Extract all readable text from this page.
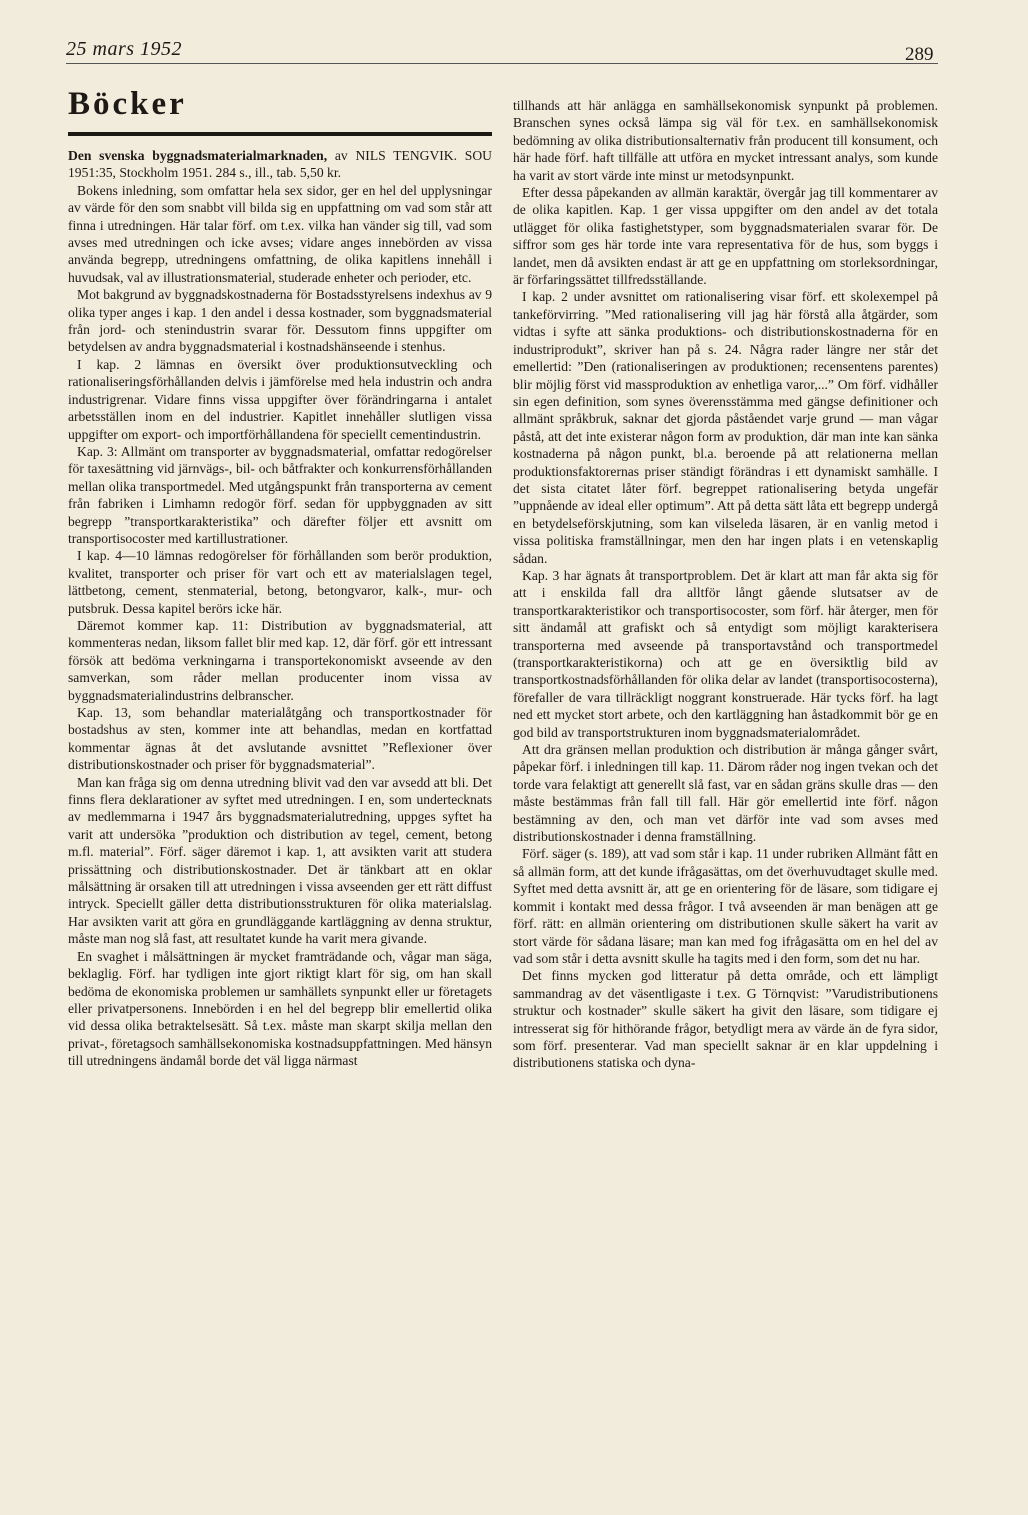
25 mars 1952	289
Böcker

Den svenska byggnadsmaterialmarknaden, av NILS TENGVIK. SOU 1951:35, Stockholm 1951. 284 s., ill., tab. 5,50 kr.

Bokens inledning, som omfattar hela sex sidor, ger en hel del upplysningar av värde för den som snabbt vill bilda sig en uppfattning om vad som står att finna i utredningen. Här talar förf. om t.ex. vilka han vänder sig till, vad som avses med utredningen och icke avses; vidare anges innebörden av vissa använda begrepp, utredningens omfattning, de olika kapitlens innehåll i huvudsak, val av illustrationsmaterial, studerade enheter och perioder, etc.

Mot bakgrund av byggnadskostnaderna för Bostadsstyrelsens indexhus av 9 olika typer anges i kap. 1 den andel i dessa kostnader, som byggnadsmaterial från jord- och stenindustrin svarar för. Dessutom finns uppgifter om betydelsen av andra byggnadsmaterial i kostnadshänseende i stenhus.

I kap. 2 lämnas en översikt över produktionsutveckling och rationaliseringsförhållanden delvis i jämförelse med hela industrin och andra industrigrenar. Vidare finns vissa uppgifter över förändringarna i antalet arbetsställen inom en del industrier. Kapitlet innehåller slutligen vissa uppgifter om export- och importförhållandena för speciellt cementindustrin.

Kap. 3: Allmänt om transporter av byggnadsmaterial, omfattar redogörelser för taxesättning vid järnvägs-, bil- och båtfrakter och konkurrensförhållanden mellan olika transportmedel. Med utgångspunkt från transporterna av cement från fabriken i Limhamn redogör förf. sedan för uppbyggnaden av sitt begrepp ”transportkarakteristika” och därefter följer ett avsnitt om transportisocoster med kartillustrationer.

I kap. 4—10 lämnas redogörelser för förhållanden som berör produktion, kvalitet, transporter och priser för vart och ett av materialslagen tegel, lättbetong, cement, stenmaterial, betong, betongvaror, kalk-, mur- och putsbruk. Dessa kapitel berörs icke här.

Däremot kommer kap. 11: Distribution av byggnadsmaterial, att kommenteras nedan, liksom fallet blir med kap. 12, där förf. gör ett intressant försök att bedöma verkningarna i transportekonomiskt avseende av den samverkan, som råder mellan producenter inom vissa av byggnadsmaterialindustrins delbranscher.

Kap. 13, som behandlar materialåtgång och transportkostnader för bostadshus av sten, kommer inte att behandlas, medan en kortfattad kommentar ägnas åt det avslutande avsnittet ”Reflexioner över distributionskostnader och priser för byggnadsmaterial”.

Man kan fråga sig om denna utredning blivit vad den var avsedd att bli. Det finns flera deklarationer av syftet med utredningen. I en, som undertecknats av medlemmarna i 1947 års byggnadsmaterialutredning, uppges syftet ha varit att undersöka ”produktion och distribution av tegel, cement, betong m.fl. material”. Förf. säger däremot i kap. 1, att avsikten varit att studera prissättning och distributionskostnader. Det är tänkbart att en oklar målsättning är orsaken till att utredningen i vissa avseenden ger ett rätt diffust intryck. Speciellt gäller detta distributionsstrukturen för olika materialslag. Har avsikten varit att göra en grundläggande kartläggning av denna struktur, måste man nog slå fast, att resultatet kunde ha varit mera givande.

En svaghet i målsättningen är mycket framträdande och, vågar man säga, beklaglig. Förf. har tydligen inte gjort riktigt klart för sig, om han skall bedöma de ekonomiska problemen ur samhällets synpunkt eller ur företagets eller privatpersonens. Innebörden i en hel del begrepp blir emellertid olika vid dessa olika betraktelsesätt. Så t.ex. måste man skarpt skilja mellan den privat-, företagsoch samhällsekonomiska kostnadsuppfattningen. Med hänsyn till utredningens ändamål borde det väl ligga närmast

tillhands att här anlägga en samhällsekonomisk synpunkt på problemen. Branschen synes också lämpa sig väl för t.ex. en samhällsekonomisk bedömning av olika distributionsalternativ från producent till konsument, och här hade förf. haft tillfälle att utföra en mycket intressant analys, som kunde ha varit av stort värde inte minst ur metodsynpunkt.

Efter dessa påpekanden av allmän karaktär, övergår jag till kommentarer av de olika kapitlen. Kap. 1 ger vissa uppgifter om den andel av det totala utlägget för olika fastighetstyper, som byggnadsmaterialen svarar för. De siffror som ges här torde inte vara representativa för de hus, som byggs i landet, men då avsikten endast är att ge en uppfattning om storleksordningar, är förfaringssättet tillfredsställande.

I kap. 2 under avsnittet om rationalisering visar förf. ett skolexempel på tankeförvirring. ”Med rationalisering vill jag här förstå alla åtgärder, som vidtas i syfte att sänka produktions- och distributionskostnaderna för en industriprodukt”, skriver han på s. 24. Några rader längre ner står det emellertid: ”Den (rationaliseringen av produktionen; recensentens parentes) blir möjlig först vid massproduktion av enhetliga varor,...” Om förf. vidhåller sin egen definition, som synes överensstämma med gängse definitioner och allmänt språkbruk, saknar det gjorda påståendet varje grund — man vågar påstå, att det inte existerar någon form av produktion, där man inte kan sänka kostnaderna på någon punkt, bl.a. beroende på att relationerna mellan produktionsfaktorernas priser ständigt förändras i ett dynamiskt samhälle. I det sista citatet låter förf. begreppet rationalisering betyda ungefär ”uppnående av ideal eller optimum”. Att på detta sätt låta ett begrepp undergå en betydelseförskjutning, som kan vilseleda läsaren, är en vanlig metod i vissa politiska framställningar, men den har ingen plats i en vetenskaplig sådan.

Kap. 3 har ägnats åt transportproblem. Det är klart att man får akta sig för att i enskilda fall dra alltför långt gående slutsatser av de transportkarakteristikor och transportisocoster, som förf. här återger, men för sitt ändamål att grafiskt och så entydigt som möjligt karakterisera transporterna med avseende på transportavstånd och transportmedel (transportkarakteristikorna) och att ge en översiktlig bild av transportkostnadsförhållanden för olika delar av landet (transportisocosterna), förefaller de vara tillräckligt noggrant konstruerade. Här tycks förf. ha lagt ned ett mycket stort arbete, och den kartläggning han åstadkommit bör ge en god bild av transportstrukturen inom byggnadsmaterialområdet.

Att dra gränsen mellan produktion och distribution är många gånger svårt, påpekar förf. i inledningen till kap. 11. Därom råder nog ingen tvekan och det torde vara felaktigt att generellt slå fast, var en sådan gräns skulle dras — den måste bestämmas från fall till fall. Här gör emellertid inte förf. någon bestämning av den, och man vet därför inte vad som avses med distributionskostnader i denna framställning.

Förf. säger (s. 189), att vad som står i kap. 11 under rubriken Allmänt fått en så allmän form, att det kunde ifrågasättas, om det överhuvudtaget skulle med. Syftet med detta avsnitt är, att ge en orientering för de läsare, som tidigare ej kommit i kontakt med dessa frågor. I två avseenden är man benägen att ge förf. rätt: en allmän orientering om distributionen skulle säkert ha varit av stort värde för sådana läsare; man kan med fog ifrågasätta om en hel del av vad som står i detta avsnitt skulle ha tagits med i den form, som det nu har.

Det finns mycken god litteratur på detta område, och ett lämpligt sammandrag av det väsentligaste i t.ex. G Törnqvist: ”Varudistributionens struktur och kostnader” skulle säkert ha givit den läsare, som tidigare ej intresserat sig för hithörande frågor, betydligt mera av värde än de fyra sidor, som förf. presenterar. Vad man speciellt saknar är en klar uppdelning i distributionens statiska och dyna-
